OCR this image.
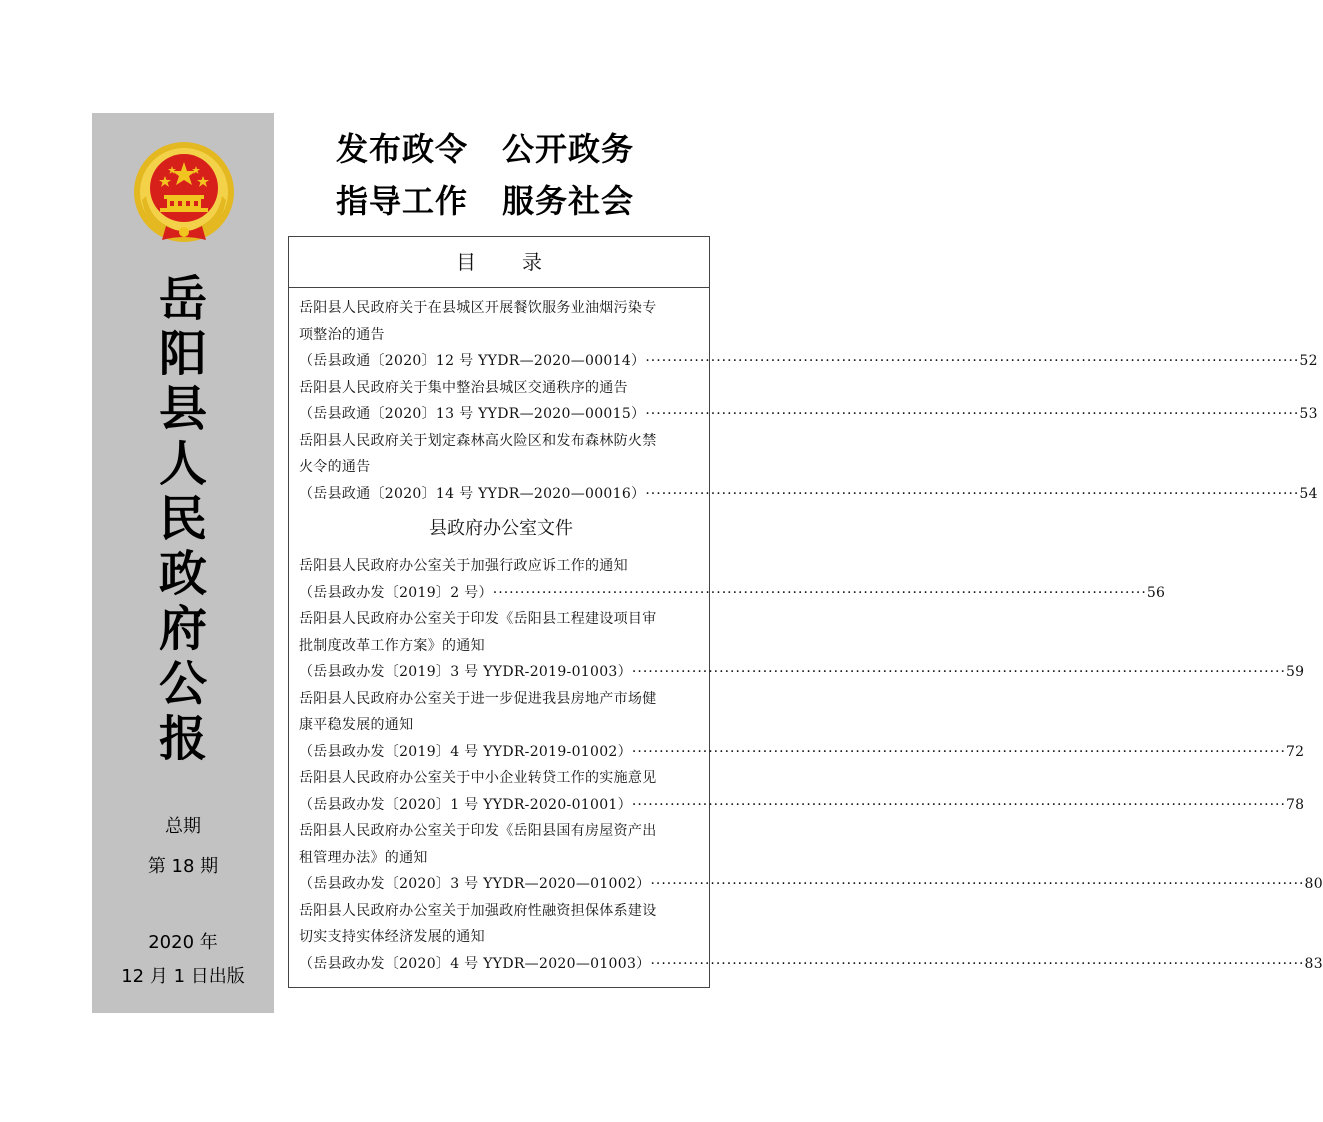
岳
阳
县
人
民
政
府
公
报
总期
第 18 期
2020 年
12 月 1 日出版
发布政令 公开政务
指导工作 服务社会
目 录
岳阳县人民政府关于在县城区开展餐饮服务业油烟污染专
项整治的通告
（岳县政通〔2020〕12 号 YYDR—2020—00014） ························································································································ 52
岳阳县人民政府关于集中整治县城区交通秩序的通告
（岳县政通〔2020〕13 号 YYDR—2020—00015） ························································································································ 53
岳阳县人民政府关于划定森林高火险区和发布森林防火禁
火令的通告
（岳县政通〔2020〕14 号 YYDR—2020—00016） ························································································································ 54
县政府办公室文件
岳阳县人民政府办公室关于加强行政应诉工作的通知
（岳县政办发〔2019〕2 号） ························································································································ 56
岳阳县人民政府办公室关于印发《岳阳县工程建设项目审
批制度改革工作方案》的通知
（岳县政办发〔2019〕3 号 YYDR-2019-01003） ························································································································ 59
岳阳县人民政府办公室关于进一步促进我县房地产市场健
康平稳发展的通知
（岳县政办发〔2019〕4 号 YYDR-2019-01002） ························································································································ 72
岳阳县人民政府办公室关于中小企业转贷工作的实施意见
（岳县政办发〔2020〕1 号 YYDR-2020-01001） ························································································································ 78
岳阳县人民政府办公室关于印发《岳阳县国有房屋资产出
租管理办法》的通知
（岳县政办发〔2020〕3 号 YYDR—2020—01002） ························································································································ 80
岳阳县人民政府办公室关于加强政府性融资担保体系建设
切实支持实体经济发展的通知
（岳县政办发〔2020〕4 号 YYDR—2020—01003） ························································································································ 83
